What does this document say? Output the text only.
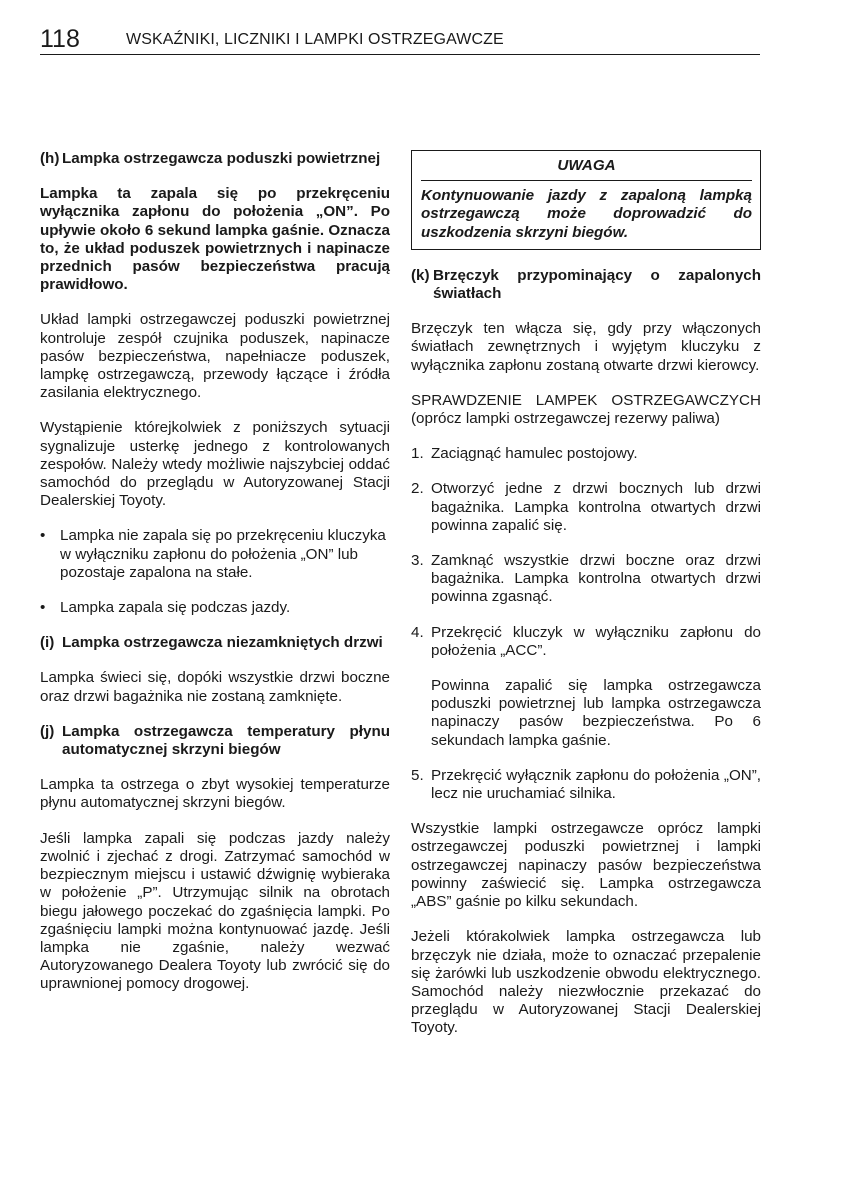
118	WSKAŹNIKI, LICZNIKI I LAMPKI OSTRZEGAWCZE
(h) Lampka ostrzegawcza poduszki powietrznej

Lampka ta zapala się po przekręceniu wyłącznika zapłonu do położenia „ON”. Po upływie około 6 sekund lampka gaśnie. Oznacza to, że układ poduszek powietrznych i napinacze przednich pasów bezpieczeństwa pracują prawidłowo.

Układ lampki ostrzegawczej poduszki powietrznej kontroluje zespół czujnika poduszek, napinacze pasów bezpieczeństwa, napełniacze poduszek, lampkę ostrzegawczą, przewody łączące i źródła zasilania elektrycznego.

Wystąpienie którejkolwiek z poniższych sytuacji sygnalizuje usterkę jednego z kontrolowanych zespołów. Należy wtedy możliwie najszybciej oddać samochód do przeglądu w Autoryzowanej Stacji Dealerskiej Toyoty.

• Lampka nie zapala się po przekręceniu kluczyka w wyłączniku zapłonu do położenia „ON” lub pozostaje zapalona na stałe.
• Lampka zapala się podczas jazdy.
(i) Lampka ostrzegawcza niezamkniętych drzwi

Lampka świeci się, dopóki wszystkie drzwi boczne oraz drzwi bagażnika nie zostaną zamknięte.

(j) Lampka ostrzegawcza temperatury płynu automatycznej skrzyni biegów

Lampka ta ostrzega o zbyt wysokiej temperaturze płynu automatycznej skrzyni biegów.

Jeśli lampka zapali się podczas jazdy należy zwolnić i zjechać z drogi. Zatrzymać samochód w bezpiecznym miejscu i ustawić dźwignię wybieraka w położenie „P”. Utrzymując silnik na obrotach biegu jałowego poczekać do zgaśnięcia lampki. Po zgaśnięciu lampki można kontynuować jazdę. Jeśli lampka nie zgaśnie, należy wezwać Autoryzowanego Dealera Toyoty lub zwrócić się do uprawnionej pomocy drogowej.

UWAGA
Kontynuowanie jazdy z zapaloną lampką ostrzegawczą może doprowadzić do uszkodzenia skrzyni biegów.
(k) Brzęczyk przypominający o zapalonych światłach

Brzęczyk ten włącza się, gdy przy włączonych światłach zewnętrznych i wyjętym kluczyku z wyłącznika zapłonu zostaną otwarte drzwi kierowcy.

SPRAWDZENIE LAMPEK OSTRZEGAWCZYCH (oprócz lampki ostrzegawczej rezerwy paliwa)

1. Zaciągnąć hamulec postojowy.
2. Otworzyć jedne z drzwi bocznych lub drzwi bagażnika. Lampka kontrolna otwartych drzwi powinna zapalić się.
3. Zamknąć wszystkie drzwi boczne oraz drzwi bagażnika. Lampka kontrolna otwartych drzwi powinna zgasnąć.
4. Przekręcić kluczyk w wyłączniku zapłonu do położenia „ACC”.

Powinna zapalić się lampka ostrzegawcza poduszki powietrznej lub lampka ostrzegawcza napinaczy pasów bezpieczeństwa. Po 6 sekundach lampka gaśnie.

5. Przekręcić wyłącznik zapłonu do położenia „ON”, lecz nie uruchamiać silnika.

Wszystkie lampki ostrzegawcze oprócz lampki ostrzegawczej poduszki powietrznej i lampki ostrzegawczej napinaczy pasów bezpieczeństwa powinny zaświecić się. Lampka ostrzegawcza „ABS” gaśnie po kilku sekundach.

Jeżeli którakolwiek lampka ostrzegawcza lub brzęczyk nie działa, może to oznaczać przepalenie się żarówki lub uszkodzenie obwodu elektrycznego. Samochód należy niezwłocznie przekazać do przeglądu w Autoryzowanej Stacji Dealerskiej Toyoty.
